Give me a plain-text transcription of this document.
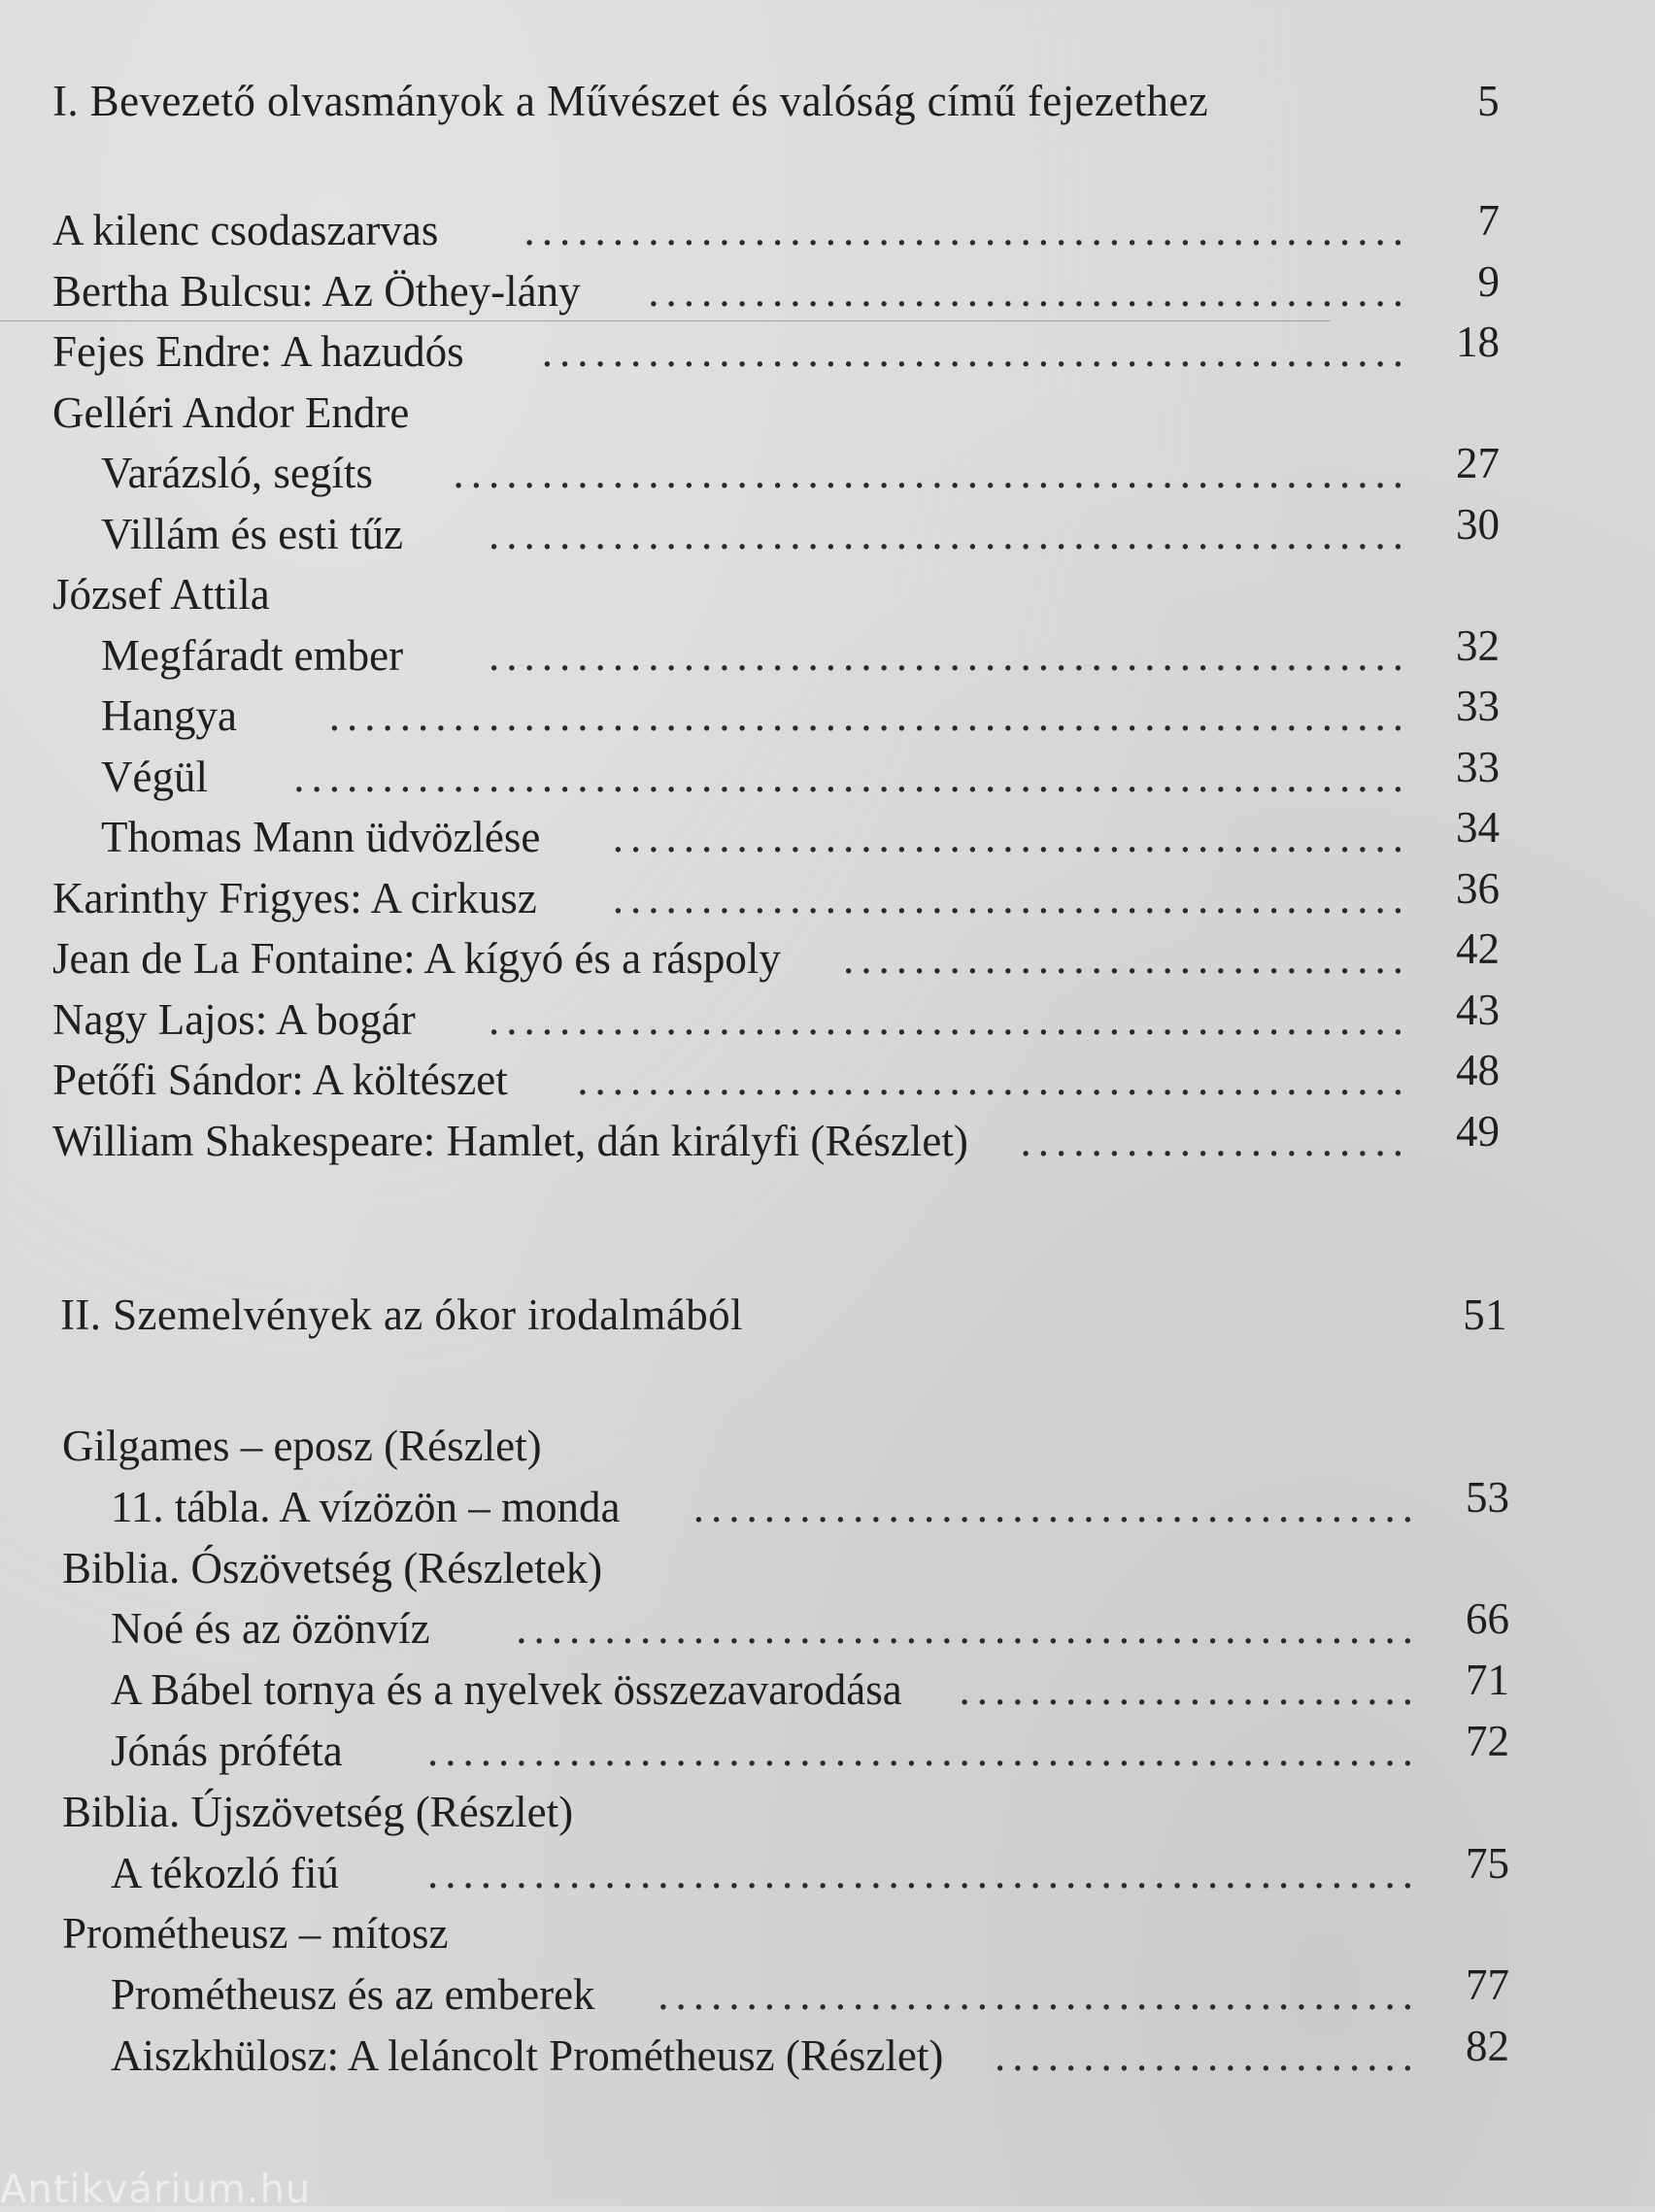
I. Bevezető olvasmányok a Művészet és valóság című fejezethez	5
A kilenc csodaszarvas	..................................................	7
Bertha Bulcsu: Az Öthey-lány	...........................................	9
Fejes Endre: A hazudós	.................................................	18
Gelléri Andor Endre
Varázsló, segíts	......................................................	27
Villám és esti tűz	....................................................	30
József Attila
Megfáradt ember	....................................................	32
Hangya	.............................................................	33
Végül	...............................................................	33
Thomas Mann üdvözlése	.............................................	34
Karinthy Frigyes: A cirkusz	.............................................	36
Jean de La Fontaine: A kígyó és a ráspoly	................................	42
Nagy Lajos: A bogár	....................................................	43
Petőfi Sándor: A költészet	...............................................	48
William Shakespeare: Hamlet, dán királyfi (Részlet)	......................	49
II. Szemelvények az ókor irodalmából	51
Gilgames – eposz (Részlet)
11. tábla. A vízözön – monda	.........................................	53
Biblia. Ószövetség (Részletek)
Noé és az özönvíz	...................................................	66
A Bábel tornya és a nyelvek összezavarodása	..........................	71
Jónás próféta	........................................................	72
Biblia. Újszövetség (Részlet)
A tékozló fiú	........................................................	75
Prométheusz – mítosz
Prométheusz és az emberek	...........................................	77
Aiszkhülosz: A leláncolt Prométheusz (Részlet)	........................	82
Antikvárium.hu
